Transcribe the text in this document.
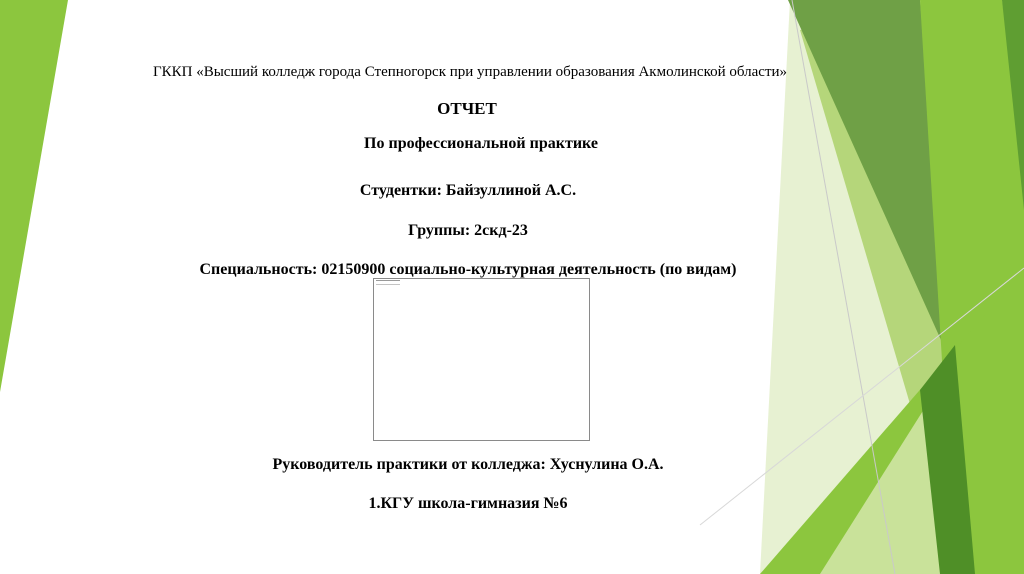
ГККП «Высший колледж города Степногорск при управлении образования Акмолинской области»
ОТЧЕТ
По профессиональной практике
Студентки: Байзуллиной А.С.
Группы: 2скд-23
Специальность: 02150900 социально-культурная деятельность (по видам)
Руководитель практики от колледжа: Хуснулина О.А.
1.КГУ школа-гимназия №6
